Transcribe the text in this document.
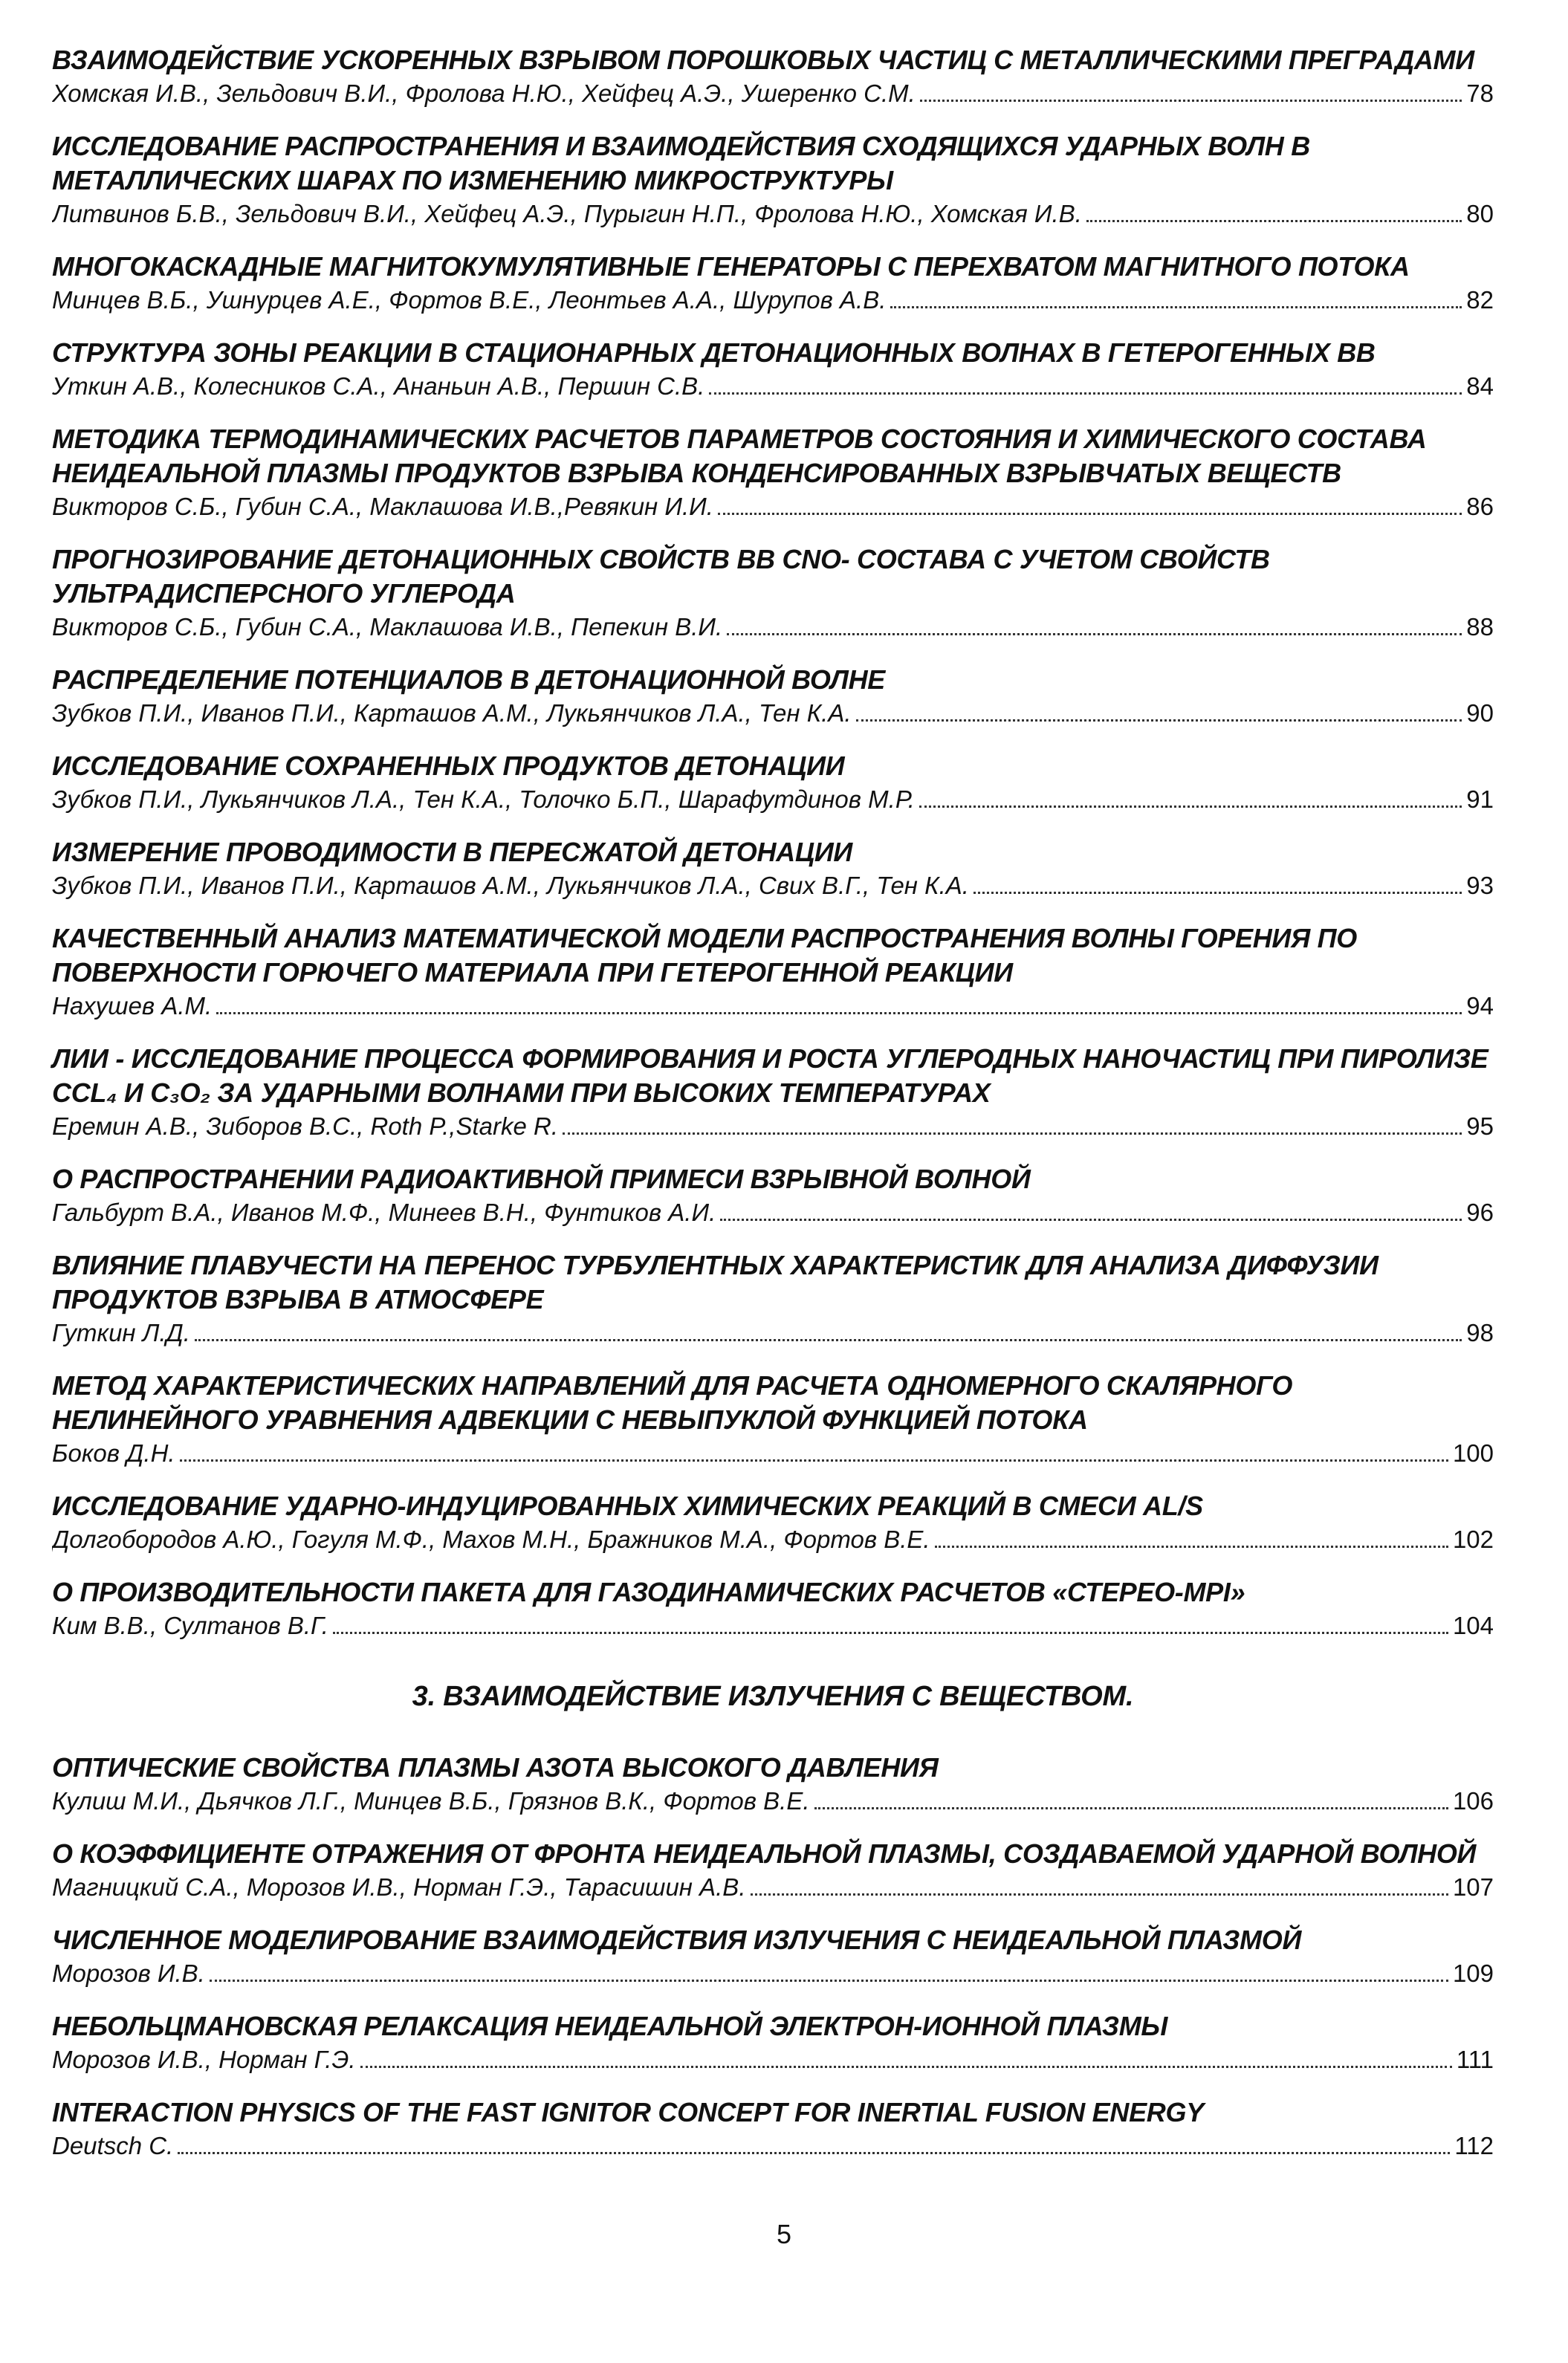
ВЗАИМОДЕЙСТВИЕ УСКОРЕННЫХ ВЗРЫВОМ ПОРОШКОВЫХ ЧАСТИЦ С МЕТАЛЛИЧЕСКИМИ ПРЕГРАДАМИ
Хомская И.В., Зельдович В.И., Фролова Н.Ю., Хейфец А.Э., Ушеренко С.М.	78
ИССЛЕДОВАНИЕ РАСПРОСТРАНЕНИЯ И ВЗАИМОДЕЙСТВИЯ СХОДЯЩИХСЯ УДАРНЫХ ВОЛН В МЕТАЛЛИЧЕСКИХ ШАРАХ ПО ИЗМЕНЕНИЮ МИКРОСТРУКТУРЫ
Литвинов Б.В., Зельдович В.И., Хейфец А.Э., Пурыгин Н.П., Фролова Н.Ю., Хомская И.В.	80
МНОГОКАСКАДНЫЕ МАГНИТОКУМУЛЯТИВНЫЕ ГЕНЕРАТОРЫ С ПЕРЕХВАТОМ МАГНИТНОГО ПОТОКА
Минцев В.Б., Ушнурцев А.Е., Фортов В.Е., Леонтьев А.А., Шурупов А.В.	82
СТРУКТУРА ЗОНЫ РЕАКЦИИ В СТАЦИОНАРНЫХ ДЕТОНАЦИОННЫХ ВОЛНАХ В ГЕТЕРОГЕННЫХ ВВ
Уткин А.В., Колесников С.А., Ананьин А.В., Першин С.В.	84
МЕТОДИКА ТЕРМОДИНАМИЧЕСКИХ РАСЧЕТОВ ПАРАМЕТРОВ СОСТОЯНИЯ И ХИМИЧЕСКОГО СОСТАВА НЕИДЕАЛЬНОЙ ПЛАЗМЫ ПРОДУКТОВ ВЗРЫВА КОНДЕНСИРОВАННЫХ ВЗРЫВЧАТЫХ ВЕЩЕСТВ
Викторов С.Б., Губин С.А., Маклашова И.В.,Ревякин И.И.	86
ПРОГНОЗИРОВАНИЕ ДЕТОНАЦИОННЫХ СВОЙСТВ ВВ CNO- СОСТАВА С УЧЕТОМ СВОЙСТВ УЛЬТРАДИСПЕРСНОГО УГЛЕРОДА
Викторов С.Б., Губин С.А., Маклашова И.В., Пепекин В.И.	88
РАСПРЕДЕЛЕНИЕ ПОТЕНЦИАЛОВ В ДЕТОНАЦИОННОЙ ВОЛНЕ
Зубков П.И., Иванов П.И., Карташов А.М., Лукьянчиков Л.А., Тен К.А.	90
ИССЛЕДОВАНИЕ СОХРАНЕННЫХ ПРОДУКТОВ ДЕТОНАЦИИ
Зубков П.И., Лукьянчиков Л.А., Тен К.А., Толочко Б.П., Шарафутдинов М.Р.	91
ИЗМЕРЕНИЕ ПРОВОДИМОСТИ В ПЕРЕСЖАТОЙ ДЕТОНАЦИИ
Зубков П.И., Иванов П.И., Карташов А.М., Лукьянчиков Л.А., Свих В.Г., Тен К.А.	93
КАЧЕСТВЕННЫЙ АНАЛИЗ МАТЕМАТИЧЕСКОЙ МОДЕЛИ РАСПРОСТРАНЕНИЯ ВОЛНЫ ГОРЕНИЯ ПО ПОВЕРХНОСТИ ГОРЮЧЕГО МАТЕРИАЛА ПРИ ГЕТЕРОГЕННОЙ РЕАКЦИИ
Нахушев А.М.	94
ЛИИ - ИССЛЕДОВАНИЕ ПРОЦЕССА ФОРМИРОВАНИЯ И РОСТА УГЛЕРОДНЫХ НАНОЧАСТИЦ ПРИ ПИРОЛИЗЕ CCL₄ И C₃O₂ ЗА УДАРНЫМИ ВОЛНАМИ ПРИ ВЫСОКИХ ТЕМПЕРАТУРАХ
Еремин А.В., Зиборов В.С., Roth P.,Starke R.	95
О РАСПРОСТРАНЕНИИ РАДИОАКТИВНОЙ ПРИМЕСИ ВЗРЫВНОЙ ВОЛНОЙ
Гальбурт В.А., Иванов М.Ф., Минеев В.Н., Фунтиков А.И.	96
ВЛИЯНИЕ ПЛАВУЧЕСТИ НА ПЕРЕНОС ТУРБУЛЕНТНЫХ ХАРАКТЕРИСТИК ДЛЯ АНАЛИЗА ДИФФУЗИИ ПРОДУКТОВ ВЗРЫВА В АТМОСФЕРЕ
Гуткин Л.Д.	98
МЕТОД ХАРАКТЕРИСТИЧЕСКИХ НАПРАВЛЕНИЙ ДЛЯ РАСЧЕТА ОДНОМЕРНОГО СКАЛЯРНОГО НЕЛИНЕЙНОГО УРАВНЕНИЯ АДВЕКЦИИ С НЕВЫПУКЛОЙ ФУНКЦИЕЙ ПОТОКА
Боков Д.Н.	100
ИССЛЕДОВАНИЕ УДАРНО-ИНДУЦИРОВАННЫХ ХИМИЧЕСКИХ РЕАКЦИЙ В СМЕСИ AL/S
Долгобородов А.Ю., Гогуля М.Ф., Махов М.Н., Бражников М.А., Фортов В.Е.	102
О ПРОИЗВОДИТЕЛЬНОСТИ ПАКЕТА ДЛЯ ГАЗОДИНАМИЧЕСКИХ РАСЧЕТОВ «СТЕРЕО-MPI»
Ким В.В., Султанов В.Г.	104
3. ВЗАИМОДЕЙСТВИЕ ИЗЛУЧЕНИЯ С ВЕЩЕСТВОМ.
ОПТИЧЕСКИЕ СВОЙСТВА ПЛАЗМЫ АЗОТА ВЫСОКОГО ДАВЛЕНИЯ
Кулиш М.И., Дьячков Л.Г., Минцев В.Б., Грязнов В.К., Фортов В.Е.	106
О КОЭФФИЦИЕНТЕ ОТРАЖЕНИЯ ОТ ФРОНТА НЕИДЕАЛЬНОЙ ПЛАЗМЫ, СОЗДАВАЕМОЙ УДАРНОЙ ВОЛНОЙ
Магницкий С.А., Морозов И.В., Норман Г.Э., Тарасишин А.В.	107
ЧИСЛЕННОЕ МОДЕЛИРОВАНИЕ ВЗАИМОДЕЙСТВИЯ ИЗЛУЧЕНИЯ С НЕИДЕАЛЬНОЙ ПЛАЗМОЙ
Морозов И.В.	109
НЕБОЛЬЦМАНОВСКАЯ РЕЛАКСАЦИЯ НЕИДЕАЛЬНОЙ ЭЛЕКТРОН-ИОННОЙ ПЛАЗМЫ
Морозов И.В., Норман Г.Э.	111
INTERACTION PHYSICS OF THE FAST IGNITOR CONCEPT FOR INERTIAL FUSION ENERGY
Deutsch C.	112
5
